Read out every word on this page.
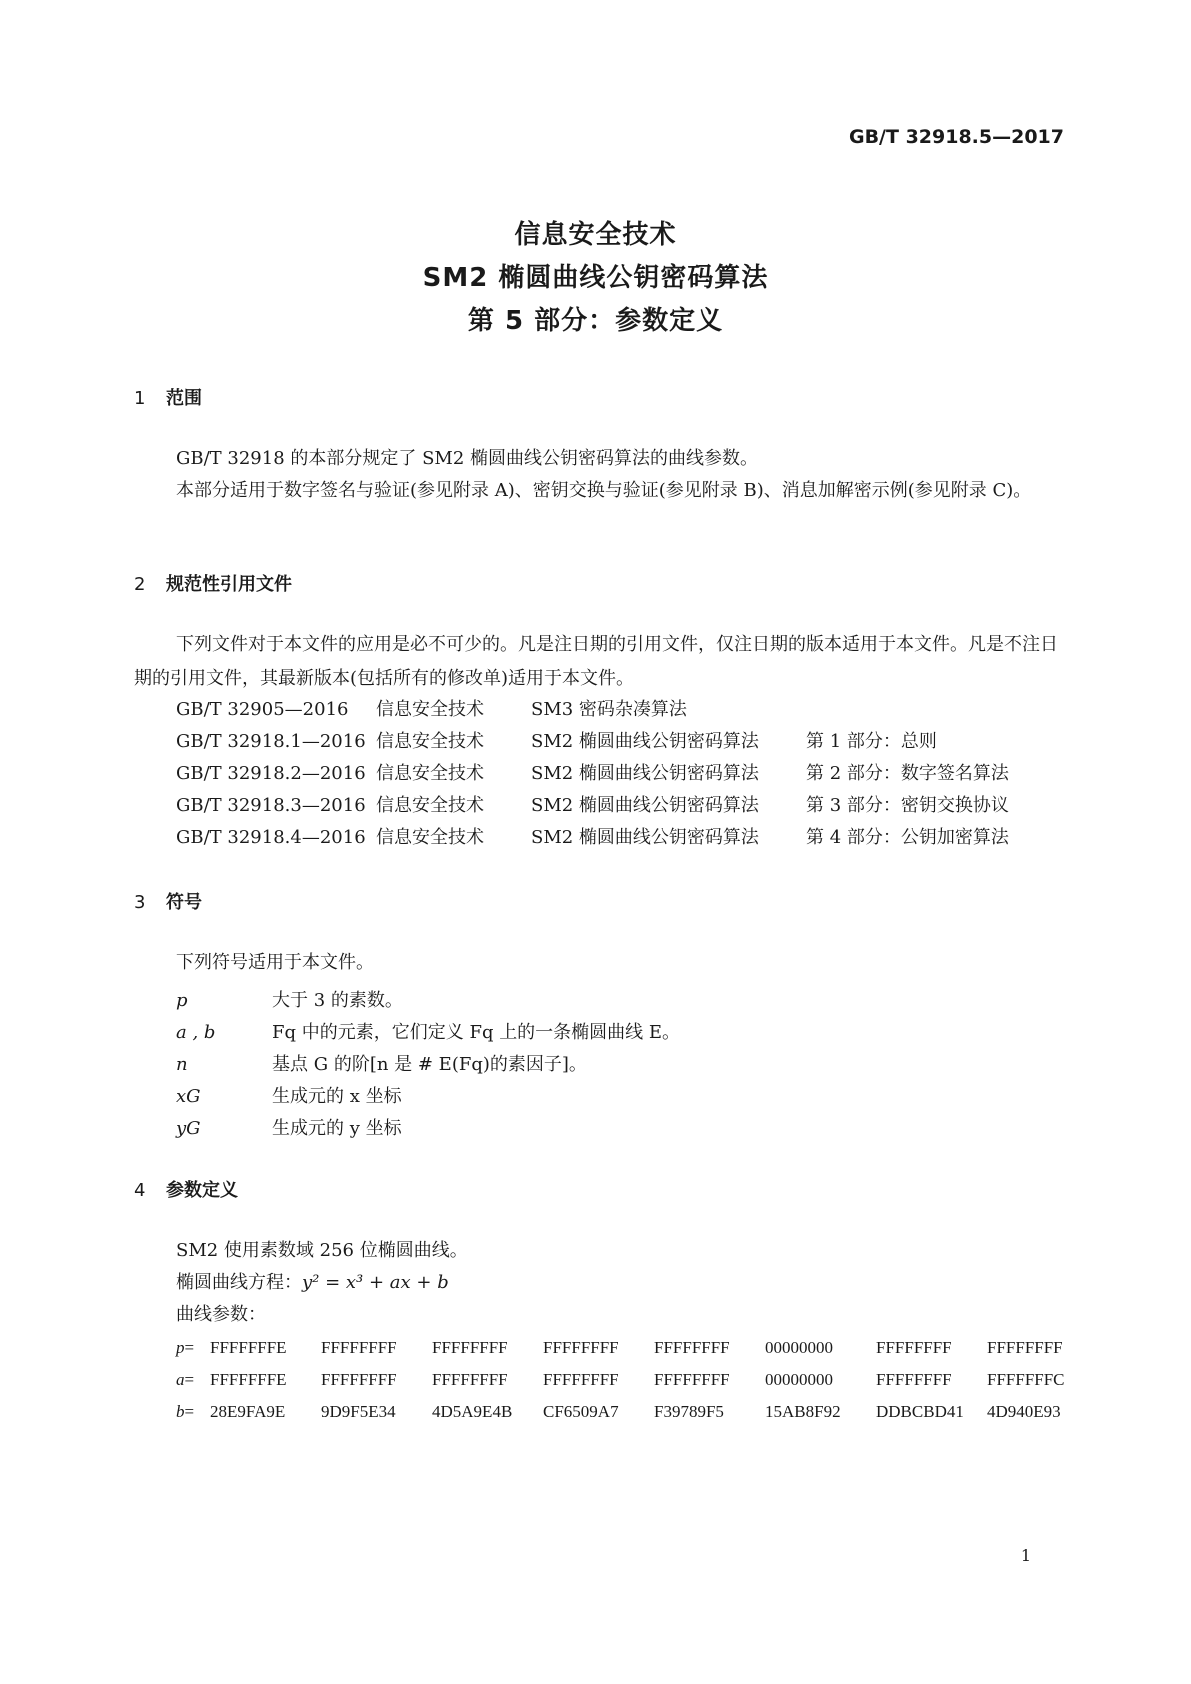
GB/T 32918.5—2017
信息安全技术
SM2 椭圆曲线公钥密码算法
第 5 部分：参数定义
1 范围
GB/T 32918 的本部分规定了 SM2 椭圆曲线公钥密码算法的曲线参数。
本部分适用于数字签名与验证(参见附录 A)、密钥交换与验证(参见附录 B)、消息加解密示例(参见附录 C)。
2 规范性引用文件
下列文件对于本文件的应用是必不可少的。凡是注日期的引用文件，仅注日期的版本适用于本文件。凡是不注日期的引用文件，其最新版本(包括所有的修改单)适用于本文件。
GB/T 32905—2016 信息安全技术	SM3 密码杂凑算法
GB/T 32918.1—2016 信息安全技术	SM2 椭圆曲线公钥密码算法	第 1 部分：总则
GB/T 32918.2—2016 信息安全技术	SM2 椭圆曲线公钥密码算法	第 2 部分：数字签名算法
GB/T 32918.3—2016 信息安全技术	SM2 椭圆曲线公钥密码算法	第 3 部分：密钥交换协议
GB/T 32918.4—2016 信息安全技术	SM2 椭圆曲线公钥密码算法	第 4 部分：公钥加密算法
3 符号
下列符号适用于本文件。
p	大于 3 的素数。
a , b	Fq 中的元素，它们定义 Fq 上的一条椭圆曲线 E。
n	基点 G 的阶[n 是 # E(Fq)的素因子]。
xG	生成元的 x 坐标
yG	生成元的 y 坐标
4 参数定义
SM2 使用素数域 256 位椭圆曲线。
椭圆曲线方程：y² = x³ + ax + b
曲线参数：
p= FFFFFFFE FFFFFFFF FFFFFFFF FFFFFFFF FFFFFFFF 00000000	FFFFFFFF FFFFFFFF
a= FFFFFFFE FFFFFFFF FFFFFFFF FFFFFFFF FFFFFFFF 00000000	FFFFFFFF FFFFFFFC
b= 28E9FA9E 9D9F5E34 4D5A9E4B CF6509A7 F39789F5 15AB8F92 DDBCBD41 4D940E93
1
